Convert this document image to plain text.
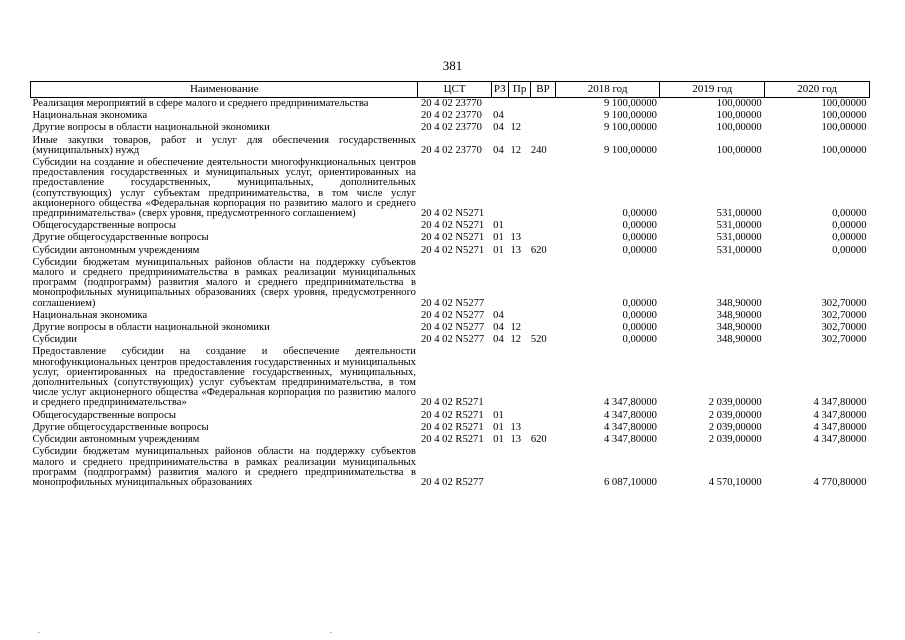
381
Наименование	ЦСТ	РЗ	Пр	ВР	2018 год	2019 год	2020 год

Реализация мероприятий в сфере малого и среднего предпринимательства	20 4 02 23770				9 100,00000	100,00000	100,00000

Национальная экономика	20 4 02 23770	04			9 100,00000	100,00000	100,00000

Другие вопросы в области национальной экономики	20 4 02 23770	04	12		9 100,00000	100,00000	100,00000

Иные закупки товаров, работ и услуг для обеспечения государственных (муниципальных) нужд	20 4 02 23770	04	12	240	9 100,00000	100,00000	100,00000

Субсидии на создание и обеспечение деятельности многофункциональных центров предоставления государственных и муниципальных услуг, ориентированных на предоставление государственных, муниципальных, дополнительных (сопутствующих) услуг субъектам предпринимательства, в том числе услуг акционерного общества «Федеральная корпорация по развитию малого и среднего предпринимательства» (сверх уровня, предусмотренного соглашением)	20 4 02 N5271				0,00000	531,00000	0,00000

Общегосударственные вопросы	20 4 02 N5271	01			0,00000	531,00000	0,00000

Другие общегосударственные вопросы	20 4 02 N5271	01	13		0,00000	531,00000	0,00000

Субсидии автономным учреждениям	20 4 02 N5271	01	13	620	0,00000	531,00000	0,00000

Субсидии бюджетам муниципальных районов области на поддержку субъектов малого и среднего предпринимательства в рамках реализации муниципальных программ (подпрограмм) развития малого и среднего предпринимательства в монопрофильных муниципальных образованиях (сверх уровня, предусмотренного соглашением)	20 4 02 N5277				0,00000	348,90000	302,70000

Национальная экономика	20 4 02 N5277	04			0,00000	348,90000	302,70000

Другие вопросы в области национальной экономики	20 4 02 N5277	04	12		0,00000	348,90000	302,70000

Субсидии	20 4 02 N5277	04	12	520	0,00000	348,90000	302,70000

Предоставление субсидии на создание и обеспечение деятельности многофункциональных центров предоставления государственных и муниципальных услуг, ориентированных на предоставление государственных, муниципальных, дополнительных (сопутствующих) услуг субъектам предпринимательства, в том числе услуг акционерного общества «Федеральная корпорация по развитию малого и среднего предпринимательства»	20 4 02 R5271				4 347,80000	2 039,00000	4 347,80000

Общегосударственные вопросы	20 4 02 R5271	01			4 347,80000	2 039,00000	4 347,80000

Другие общегосударственные вопросы	20 4 02 R5271	01	13		4 347,80000	2 039,00000	4 347,80000

Субсидии автономным учреждениям	20 4 02 R5271	01	13	620	4 347,80000	2 039,00000	4 347,80000

Субсидии бюджетам муниципальных районов области на поддержку субъектов малого и среднего предпринимательства в рамках реализации муниципальных программ (подпрограмм) развития малого и среднего предпринимательства в монопрофильных муниципальных образованиях	20 4 02 R5277				6 087,10000	4 570,10000	4 770,80000
